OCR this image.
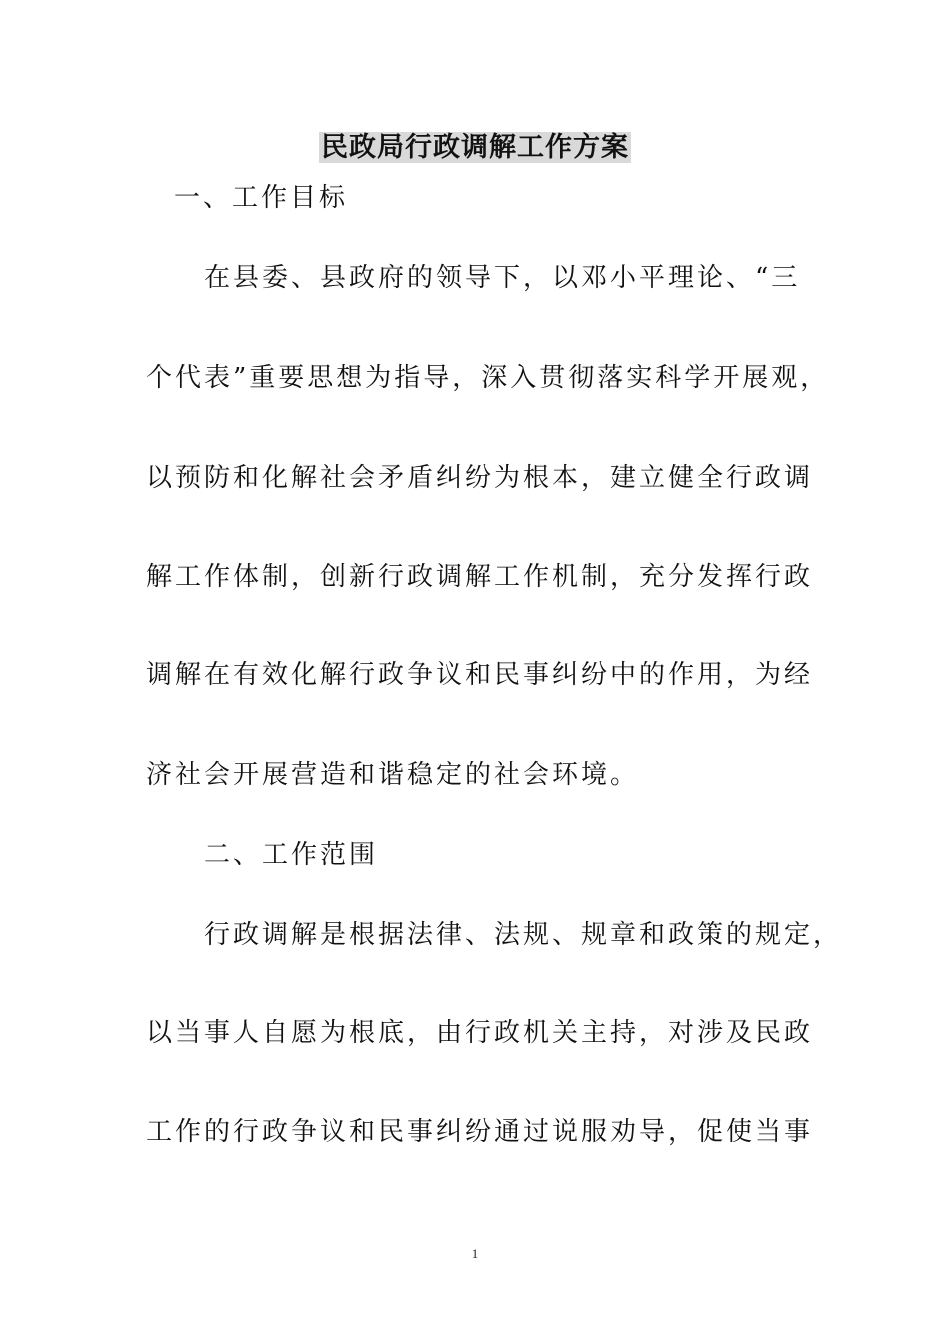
民政局行政调解工作方案
一、工作目标
在县委、县政府的领导下，以邓小平理论、“三
个代表”重要思想为指导，深入贯彻落实科学开展观，
以预防和化解社会矛盾纠纷为根本，建立健全行政调
解工作体制，创新行政调解工作机制，充分发挥行政
调解在有效化解行政争议和民事纠纷中的作用，为经
济社会开展营造和谐稳定的社会环境。
二、工作范围
行政调解是根据法律、法规、规章和政策的规定，
以当事人自愿为根底，由行政机关主持，对涉及民政
工作的行政争议和民事纠纷通过说服劝导，促使当事
1
